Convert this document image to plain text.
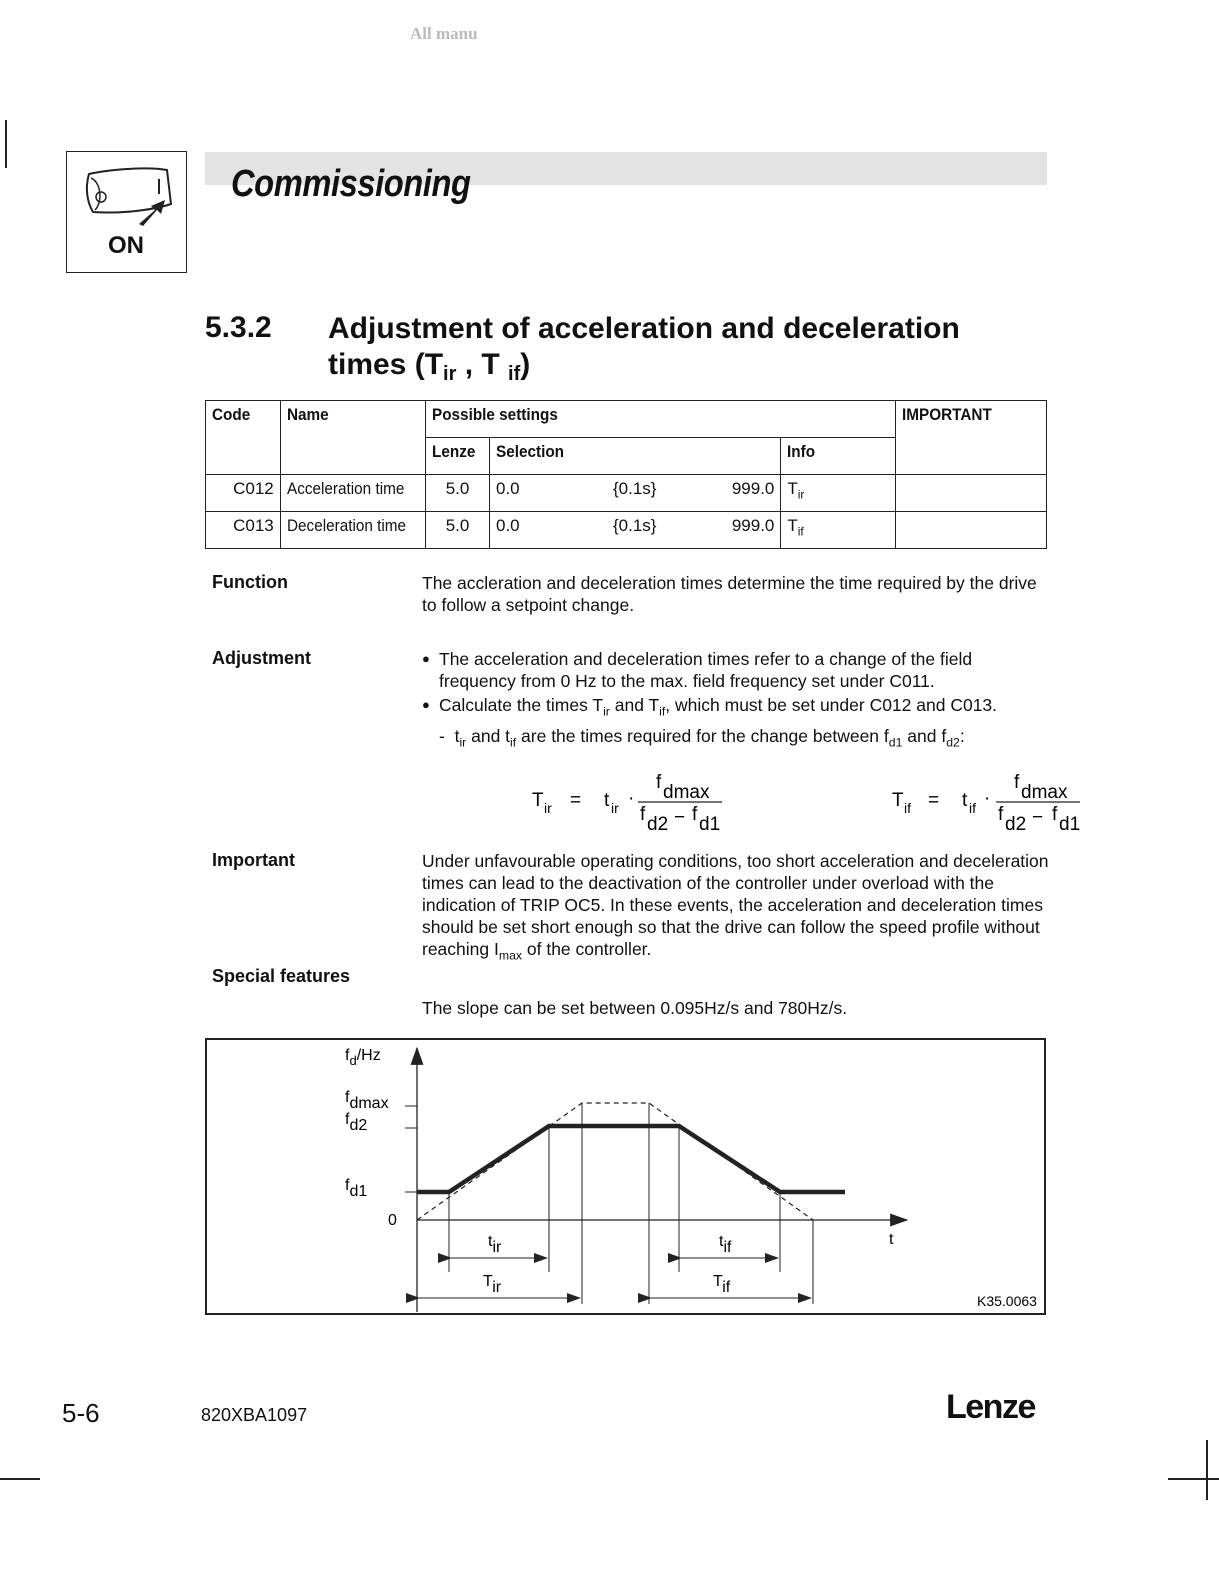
All manu
ON
Commissioning
5.3.2 Adjustment of acceleration and deceleration
times ($T_{ir}$ , T $_{if}$)
Code	Name	Possible settings			IMPORTANT
		Lenze	Selection	Info	
C012	Acceleration time	5.0	0.0 {0.1s} 999.0	$T_{ir}$	
C013	Deceleration time	5.0	0.0 {0.1s} 999.0	$T_{if}$	
Function	The accleration and deceleration times determine the time required by the drive to follow a setpoint change.
Adjustment	● The acceleration and deceleration times refer to a change of the field frequency from 0 Hz to the max. field frequency set under C011.
● Calculate the times $T_{ir}$ and $T_{if}$, which must be set under C012 and C013.
- $t_{ir}$ and $t_{if}$ are the times required for the change between $f_{d1}$ and $f_{d2}$:
T ir = t ir ·
f dmax
f d2 − f d1
T if = t if ·
f dmax
f d2 − f d1
Important	Under unfavourable operating conditions, too short acceleration and deceleration times can lead to the deactivation of the controller under overload with the indication of TRIP OC5. In these events, the acceleration and deceleration times should be set short enough so that the drive can follow the speed profile without reaching $I_{max}$ of the controller.
Special features
The slope can be set between 0.095Hz/s and 780Hz/s.
$f_d/Hz$
fdmax
fd2
fd1
0
t
tir	tif
Tir	Tif
K35.0063
5-6	820XBA1097	Lenze
